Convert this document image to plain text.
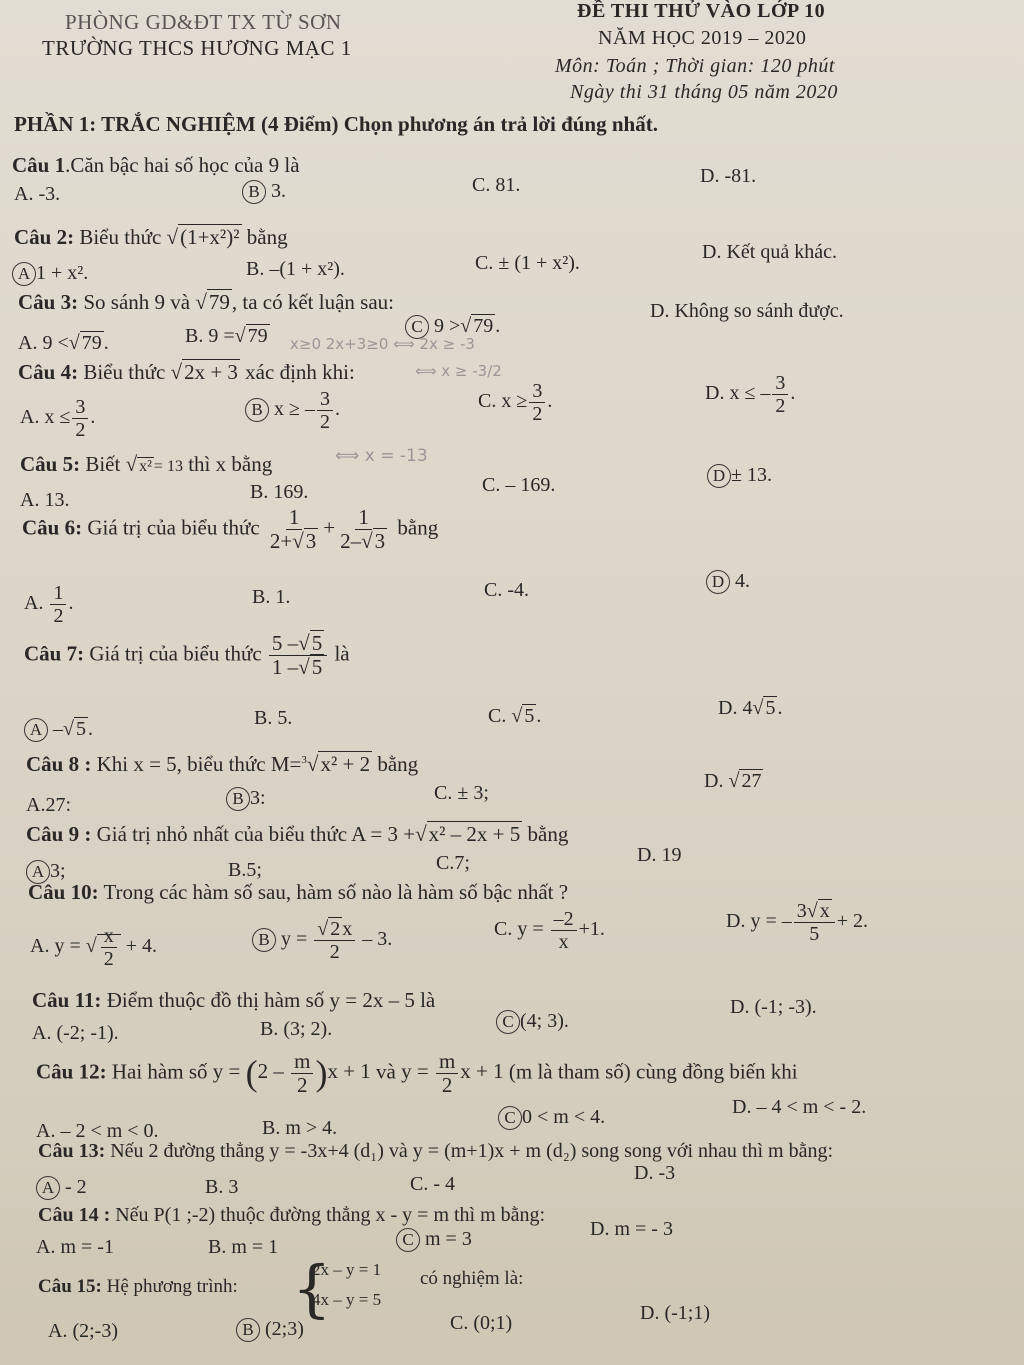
PHÒNG GD&ĐT TX TỪ SƠN
TRƯỜNG THCS HƯƠNG MẠC 1
ĐỀ THI THỬ VÀO LỚP 10
NĂM HỌC 2019 – 2020
Môn: Toán ; Thời gian: 120 phút
Ngày thi 31 tháng 05 năm 2020
PHẦN 1: TRẮC NGHIỆM (4 Điểm) Chọn phương án trả lời đúng nhất.
Câu 1.Căn bậc hai số học của 9 là
A. -3.	B 3.	C. 81.	D. -81.
Câu 2: Biểu thức √(1+x²)² bằng
A 1 + x².	B. –(1 + x²).	C. ± (1 + x²).	D. Kết quả khác.
Câu 3: So sánh 9 và √79, ta có kết luận sau:
A. 9 <√ 79 .	B. 9 =√ 79	C 9 >√ 79 .
D. Không so sánh được.
x≥0 2x+3≥0 ⟺ 2x ≥ -3
Câu 4: Biểu thức √2x + 3 xác định khi:	⟺ x ≥ -3/2
A. $x \le \frac{3}{2}$ .	B x ≥ – $\frac{3}{2}$ .	C. $x \ge \frac{3}{2}$ .	D. x ≤ – $\frac{3}{2}$ .
Câu 5: Biết √ x² = 13 thì x bằng	⟺ x = -13
A. 13.	B. 169.	C. – 169.	D ± 13.
Câu 6: Giá trị của biểu thức $\frac{1}{2+√3} + \frac{1}{2-√3}$ bằng
A. $\frac{1}{2}$ .	B. 1.	C. -4.	D 4.
Câu 7: Giá trị của biểu thức $\frac{5 -√5}{1 -√5}$ là
A –√ 5 .	B. 5.	C. √ 5 .	D. 4√ 5 .
Câu 8 : Khi x = 5, biểu thức M=$^3$√x² + 2 bằng
A.27:	B 3:	C. ± 3;
D. √ 27
Câu 9 : Giá trị nhỏ nhất của biểu thức A = 3 +√x² – 2x + 5 bằng
A 3;	B.5;	C.7;	D. 19
Câu 10: Trong các hàm số sau, hàm số nào là hàm số bậc nhất ?
A. y = √ $\frac{x}{2} + 4$.	B $y = \frac{√ 2 x}{2} - 3$.	C. $y = \frac{-2}{x} +1$.	D. y = – $\frac{3√ x}{5} + 2$.
Câu 11: Điểm thuộc đồ thị hàm số y = 2x – 5 là
A. (-2; -1).	B. (3; 2).	C (4; 3).
D. (-1; -3).
Câu 12: Hai hàm số $y = (2 - \frac{m}{2} )x + 1$ và $y = \frac{m}{2}$ x + 1 (m là tham số) cùng đồng biến khi
A. – 2 < m < 0.	B. m > 4.	C 0 < m < 4.	D. – 4 < m < - 2.
Câu 13: Nếu 2 đường thẳng y = -3x+4 (d₁) và y = (m+1)x + m (d₂) song song với nhau thì m bằng:
A - 2	B. 3	C. - 4	D. -3
Câu 14 : Nếu P(1 ;-2) thuộc đường thẳng x - y = m thì m bằng:
A. m = -1	B. m = 1	C m = 3	D. m = - 3
Câu 15: Hệ phương trình: {
2x – y = 1
4x – y = 5
có nghiệm là:
A. (2;-3)	B (2;3)	C. (0;1)	D. (-1;1)
